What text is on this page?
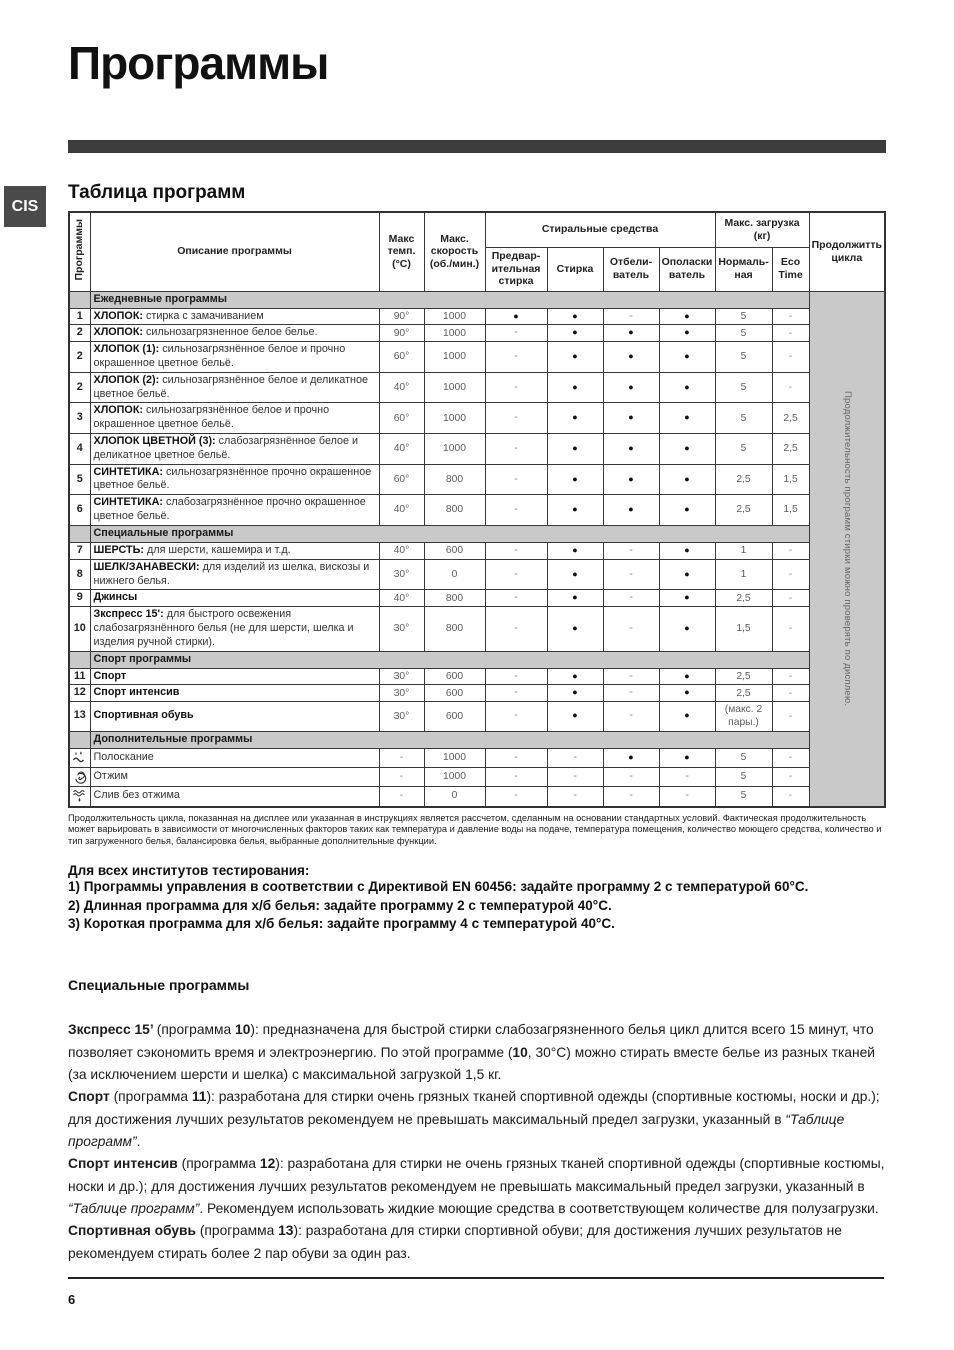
CIS
Программы
Таблица программ
Программы	Описание программы	Макс темп. (°С)	Макс. скорость (об./мин.)	Стиральные средства				Макс. загрузка (кг)		Продолжитть цикла
				Предвар- ительная стирка	Стирка	Отбели- ватель	Ополаски ватель	Нормаль- ная	Eco Time	
	Ежедневные программы									Продолжительность программ стирки можно проверять по дисплею.

1	ХЛОПОК: стирка с замачиванием	90°	1000	●	●	-	●	5	-	
2	ХЛОПОК: сильнозагрязненное белое белье.	90°	1000	-	●	●	●	5	-	
2	ХЛОПОК (1): сильнозагрязнённое белое и прочно окрашенное цветное бельё.	60°	1000	-	●	●	●	5	-	
2	ХЛОПОК (2): сильнозагрязнённое белое и деликатное цветное бельё.	40°	1000	-	●	●	●	5	-	
3	ХЛОПОК: сильнозагрязнённое белое и прочно окрашенное цветное бельё.	60°	1000	-	●	●	●	5	2,5	
4	ХЛОПОК ЦВЕТНОЙ (3): слабозагрязнённое белое и деликатное цветное бельё.	40°	1000	-	●	●	●	5	2,5	
5	СИНТЕТИКА: сильнозагрязнённое прочно окрашенное цветное бельё.	60°	800	-	●	●	●	2,5	1,5	
6	СИНТЕТИКА: слабозагрязнённое прочно окрашенное цветное бельё.	40°	800	-	●	●	●	2,5	1,5	
	Специальные программы									
7	ШЕРСТЬ: для шерсти, кашемира и т.д.	40°	600	-	●	-	●	1	-	
8	ШЕЛК/ЗАНАВЕСКИ: для изделий из шелка, вискозы и нижнего белья.	30°	0	-	●	-	●	1	-	
9	Джинсы	40°	800	-	●	-	●	2,5	-	
10	Зкспресс 15': для быстрого освежения слабозагрязнённого белья (не для шерсти, шелка и изделия ручной стирки).	30°	800	-	●	-	●	1,5	-	
	Спорт программы									
11	Спорт	30°	600	-	●	-	●	2,5	-	
12	Спорт интенсив	30°	600	-	●	-	●	2,5	-	
13	Спортивная обувь	30°	600	-	●	-	●	(макс. 2 пары.)	-	
	Дополнительные программы									

	Полоскание	-	1000	-	-	●	●	5	-	

	Отжим	-	1000	-	-	-	-	5	-	

	Слив без отжима	-	0	-	-	-	-	5	-	

Продолжительность цикла, показанная на дисплее или указанная в инструкциях является рассчетом, сделанным на основании стандартных условий. Фактическая продолжительность может варьировать в зависимости от многочисленных факторов таких как температура и давление воды на подаче, температура помещения, количество моющего средства, количество и тип загруженного белья, балансировка белья, выбранные дополнительные функции.

Для всех институтов тестирования:

1) Программы управления в соответствии с Директивой EN 60456: задайте программу 2 с температурой 60°С.

2) Длинная программа для х/б белья: задайте программу 2 с температурой 40°С.

3) Короткая программа для х/б белья: задайте программу 4 с температурой 40°С.

Специальные программы

Зкспресс 15’ (программа 10): предназначена для быстрой стирки слабозагрязненного белья цикл длится всего 15 минут, что позволяет сэкономить время и электроэнергию. По этой программе (10, 30°С) можно стирать вместе белье из разных тканей (за исключением шерсти и шелка) с максимальной загрузкой 1,5 кг.

Спорт (программа 11): разработана для стирки очень грязных тканей спортивной одежды (спортивные костюмы, носки и др.); для достижения лучших результатов рекомендуем не превышать максимальный предел загрузки, указанный в “Таблице программ”.

Спорт интенсив (программа 12): разработана для стирки не очень грязных тканей спортивной одежды (спортивные костюмы, носки и др.); для достижения лучших результатов рекомендуем не превышать максимальный предел загрузки, указанный в “Таблице программ”. Рекомендуем использовать жидкие моющие средства в соответствующем количестве для полузагрузки.

Спортивная обувь (программа 13): разработана для стирки спортивной обуви; для достижения лучших результатов не рекомендуем стирать более 2 пар обуви за один раз.

6
